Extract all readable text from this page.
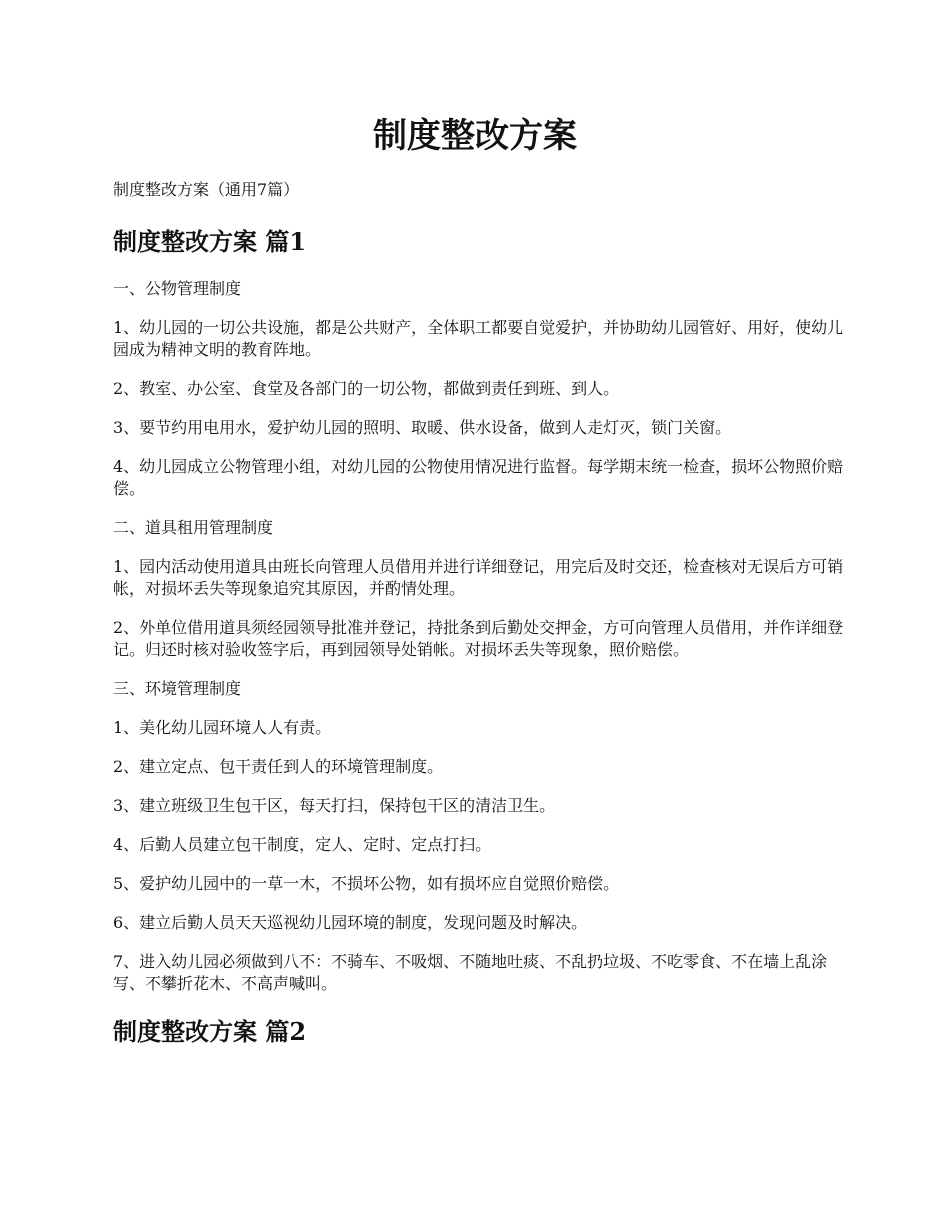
制度整改方案

制度整改方案（通用7篇）

制度整改方案 篇1

一、公物管理制度

1、幼儿园的一切公共设施，都是公共财产，全体职工都要自觉爱护，并协助幼儿园管好、用好，使幼儿园成为精神文明的教育阵地。

2、教室、办公室、食堂及各部门的一切公物，都做到责任到班、到人。

3、要节约用电用水，爱护幼儿园的照明、取暖、供水设备，做到人走灯灭，锁门关窗。

4、幼儿园成立公物管理小组，对幼儿园的公物使用情况进行监督。每学期末统一检查，损坏公物照价赔偿。

二、道具租用管理制度

1、园内活动使用道具由班长向管理人员借用并进行详细登记，用完后及时交还，检查核对无误后方可销帐，对损坏丢失等现象追究其原因，并酌情处理。

2、外单位借用道具须经园领导批准并登记，持批条到后勤处交押金，方可向管理人员借用，并作详细登记。归还时核对验收签字后，再到园领导处销帐。对损坏丢失等现象，照价赔偿。

三、环境管理制度

1、美化幼儿园环境人人有责。

2、建立定点、包干责任到人的环境管理制度。

3、建立班级卫生包干区，每天打扫，保持包干区的清洁卫生。

4、后勤人员建立包干制度，定人、定时、定点打扫。

5、爱护幼儿园中的一草一木，不损坏公物，如有损坏应自觉照价赔偿。

6、建立后勤人员天天巡视幼儿园环境的制度，发现问题及时解决。

7、进入幼儿园必须做到八不：不骑车、不吸烟、不随地吐痰、不乱扔垃圾、不吃零食、不在墙上乱涂写、不攀折花木、不高声喊叫。

制度整改方案 篇2
